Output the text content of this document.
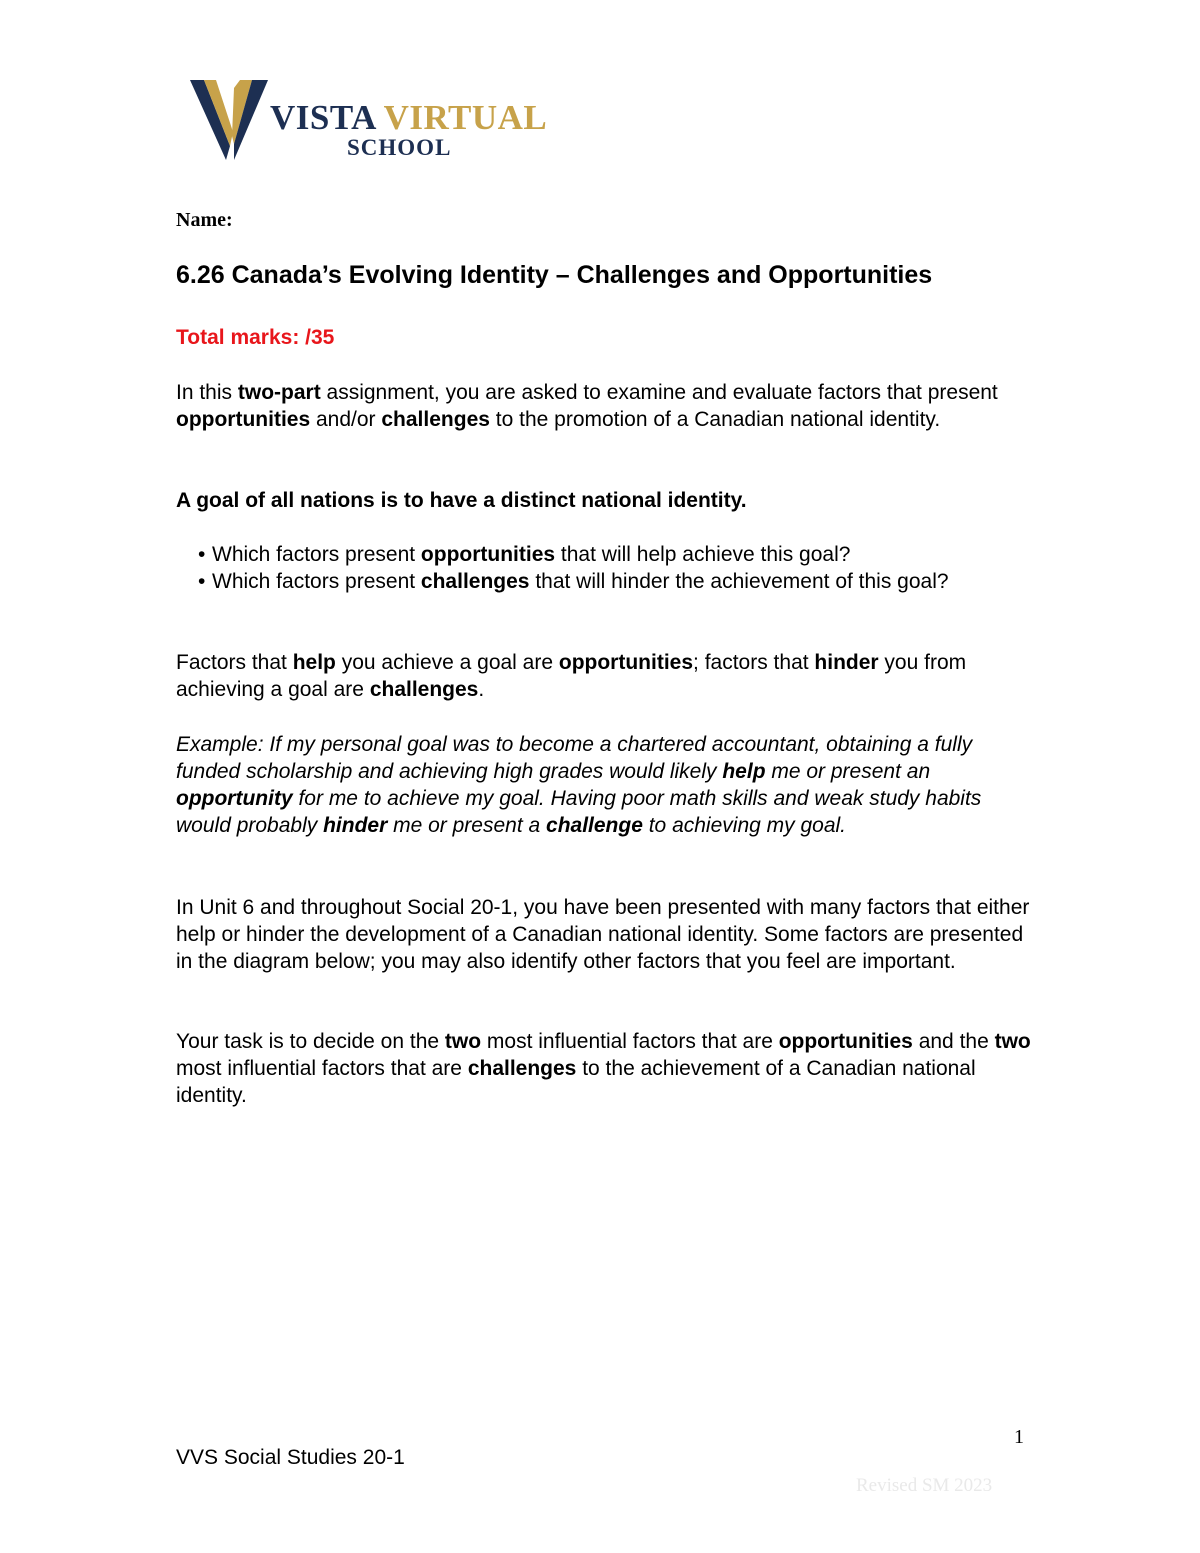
VISTA VIRTUAL
SCHOOL
Name:
6.26 Canada’s Evolving Identity – Challenges and Opportunities
Total marks: /35

In this two-part assignment, you are asked to examine and evaluate factors that present opportunities and/or challenges to the promotion of a Canadian national identity.

A goal of all nations is to have a distinct national identity.

• Which factors present opportunities that will help achieve this goal?
• Which factors present challenges that will hinder the achievement of this goal?

Factors that help you achieve a goal are opportunities; factors that hinder you from achieving a goal are challenges.

Example: If my personal goal was to become a chartered accountant, obtaining a fully funded scholarship and achieving high grades would likely help me or present an opportunity for me to achieve my goal. Having poor math skills and weak study habits would probably hinder me or present a challenge to achieving my goal.

In Unit 6 and throughout Social 20-1, you have been presented with many factors that either help or hinder the development of a Canadian national identity. Some factors are presented in the diagram below; you may also identify other factors that you feel are important.

Your task is to decide on the two most influential factors that are opportunities and the two most influential factors that are challenges to the achievement of a Canadian national identity.

1
VVS Social Studies 20-1
Revised SM 2023
